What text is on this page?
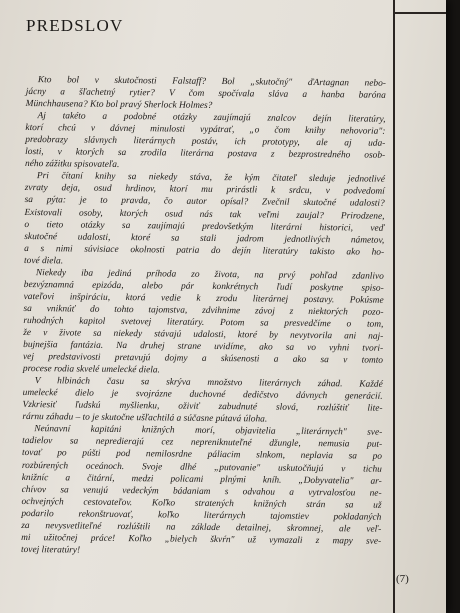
PREDSLOV
Kto bol v skutočnosti Falstaff? Bol „skutočný" ďArtagnan nebo-
jácny a šľachetný rytier? V čom spočívala sláva a hanba baróna
Münchhausena? Kto bol pravý Sherlock Holmes?
Aj takéto a podobné otázky zaujímajú znalcov dejín literatúry,
ktorí chcú v dávnej minulosti vypátrať, „o čom knihy nehovoria":
predobrazy slávnych literárnych postáv, ich prototypy, ale aj uda-
losti, v ktorých sa zrodila literárna postava z bezprostredného osob-
ného zážitku spisovateľa.
Pri čítaní knihy sa niekedy stáva, že kým čitateľ sleduje jednotlivé
zvraty deja, osud hrdinov, ktorí mu prirástli k srdcu, v podvedomí
sa pýta: je to pravda, čo autor opísal? Zvečnil skutočné udalosti?
Existovali osoby, ktorých osud nás tak veľmi zaujal? Prirodzene,
o tieto otázky sa zaujímajú predovšetkým literárni historici, veď
skutočné udalosti, ktoré sa stali jadrom jednotlivých námetov,
a s nimi súvisiace okolnosti patria do dejín literatúry takisto ako ho-
tové diela.
Niekedy iba jediná príhoda zo života, na prvý pohľad zdanlivo
bezvýznamná epizóda, alebo pár konkrétnych ľudí poskytne spiso-
vateľovi inšpiráciu, ktorá vedie k zrodu literárnej postavy. Pokúsme
sa vniknúť do tohto tajomstva, zdvihnime závoj z niektorých pozo-
ruhodných kapitol svetovej literatúry. Potom sa presvedčíme o tom,
že v živote sa niekedy stávajú udalosti, ktoré by nevytvorila ani naj-
bujnejšia fantázia. Na druhej strane uvidíme, ako sa vo vyhni tvori-
vej predstavivosti pretavujú dojmy a skúsenosti a ako sa v tomto
procese rodia skvelé umelecké diela.
V hlbinách času sa skrýva množstvo literárnych záhad. Každé
umelecké dielo je svojrázne duchovné dedičstvo dávnych generácií.
Vzkriesiť ľudskú myšlienku, oživiť zabudnuté slová, rozlúštiť lite-
rárnu záhadu – to je skutočne ušľachtilá a súčasne pútavá úloha.
Neúnavní kapitáni knižných morí, objavitelia „literárnych" sve-
tadielov sa nepredierajú cez nepreniknuteľné džungle, nemusia put-
tovať po púšti pod nemilosrdne páliacim slnkom, neplavia sa po
rozbúrených oceánoch. Svoje dlhé „putovanie" uskutočňujú v tichu
knižníc a čitární, medzi policami plnými kníh. „Dobyvatelia" ar-
chívov sa venujú vedeckým bádaniam s odvahou a vytrvalosťou ne-
ochvejných cestovateľov. Koľko stratených knižných strán sa už
podarilo rekonštruovať, koľko literárnych tajomstiev pokladaných
za nevysvetliteľné rozlúštili na základe detailnej, skromnej, ale veľ-
mi užitočnej práce! Koľko „bielych škvŕn" už vymazali z mapy sve-
tovej literatúry!
(7)
